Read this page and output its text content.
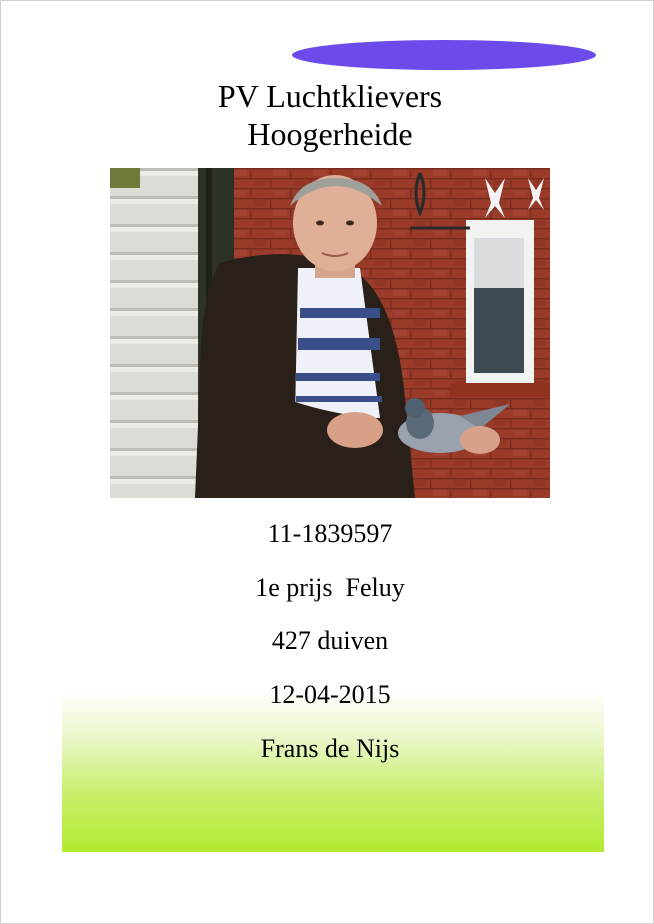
PV Luchtklievers
Hoogerheide
11-1839597
1e prijs  Feluy
427 duiven
12-04-2015
Frans de Nijs
